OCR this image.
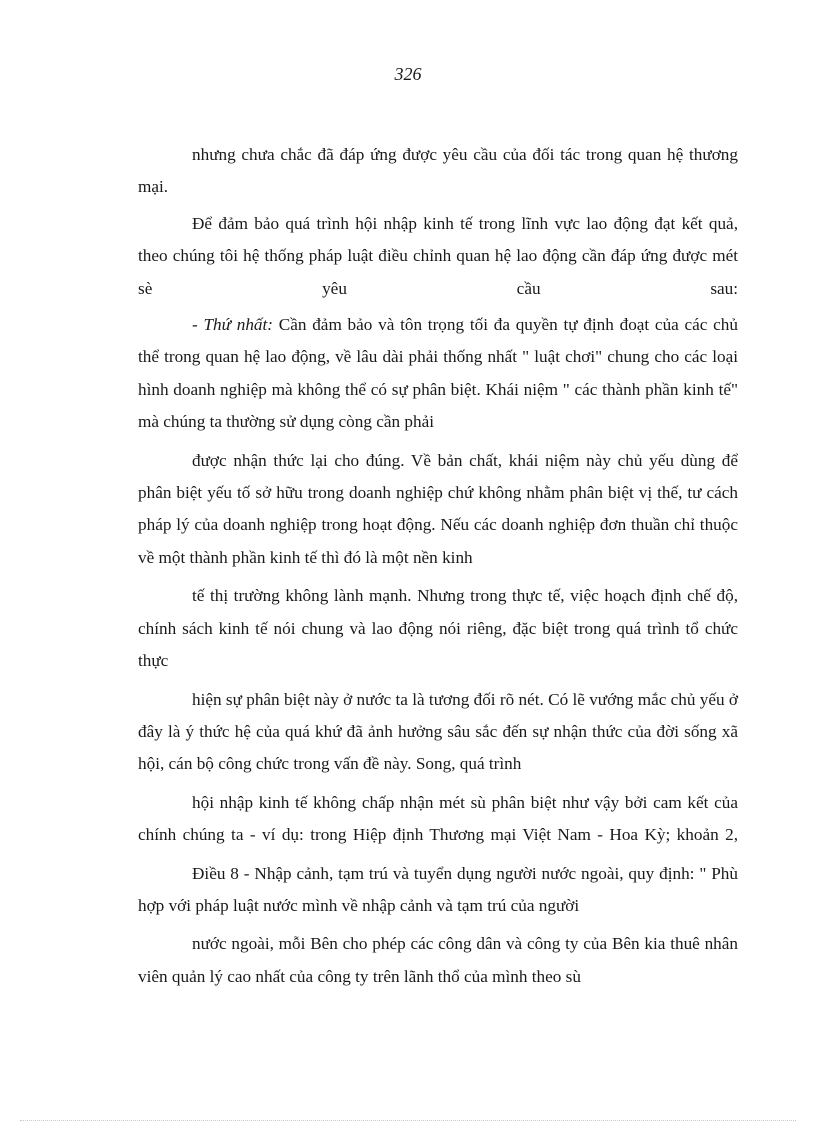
326

nhưng chưa chắc đã đáp ứng được yêu cầu của đối tác trong quan hệ thương mại.

Để đảm bảo quá trình hội nhập kinh tế trong lĩnh vực lao động đạt kết quả, theo chúng tôi hệ thống pháp luật điều chỉnh quan hệ lao động cần đáp ứng được mét sè yêu cầu sau:

- Thứ nhất: Cần đảm bảo và tôn trọng tối đa quyền tự định đoạt của các chủ thể trong quan hệ lao động, về lâu dài phải thống nhất " luật chơi" chung cho các loại hình doanh nghiệp mà không thể có sự phân biệt. Khái niệm " các thành phần kinh tế" mà chúng ta thường sử dụng còng cần phải

được nhận thức lại cho đúng. Về bản chất, khái niệm này chủ yếu dùng để phân biệt yếu tố sở hữu trong doanh nghiệp chứ không nhằm phân biệt vị thế, tư cách pháp lý của doanh nghiệp trong hoạt động. Nếu các doanh nghiệp đơn thuần chỉ thuộc về một thành phần kinh tế thì đó là một nền kinh

tế thị trường không lành mạnh. Nhưng trong thực tế, việc hoạch định chế độ, chính sách kinh tế nói chung và lao động nói riêng, đặc biệt trong quá trình tổ chức thực

hiện sự phân biệt này ở nước ta là tương đối rõ nét. Có lẽ vướng mắc chủ yếu ở đây là ý thức hệ của quá khứ đã ảnh hưởng sâu sắc đến sự nhận thức của đời sống xã hội, cán bộ công chức trong vấn đề này. Song, quá trình

hội nhập kinh tế không chấp nhận mét sù phân biệt như vậy bởi cam kết của chính chúng ta - ví dụ: trong Hiệp định Thương mại Việt Nam - Hoa Kỳ; khoản 2,

Điều 8 - Nhập cảnh, tạm trú và tuyển dụng người nước ngoài, quy định: " Phù hợp với pháp luật nước mình về nhập cảnh và tạm trú của người

nước ngoài, mỗi Bên cho phép các công dân và công ty của Bên kia thuê nhân viên quản lý cao nhất của công ty trên lãnh thổ của mình theo sù
